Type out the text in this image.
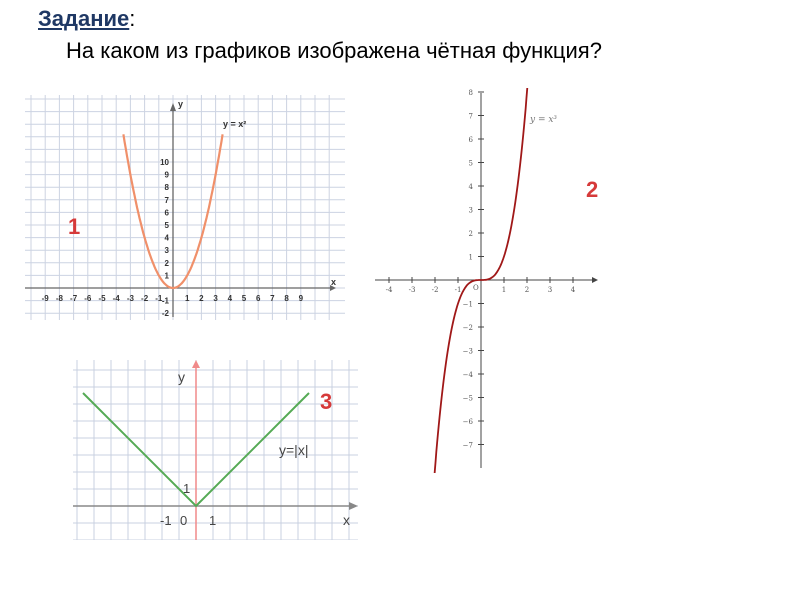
Задание:
На каком из графиков изображена чётная функция?
-9 -8 -7 -6 -5 -4 -3 -2 -1	1 2 3 4 5 6 7 8 9
10
9
8
7
6
5
4
3
2
1
-1
-2
x
y
y = x²
-4 -3 -2 -1	1	2	3	4
8
7
6
5
4
3
2
1
−1
−2
−3
−4
−5
−6
−7
O
y = x³
y
x
y=|x|
1
-1 0 1
1
2
3
